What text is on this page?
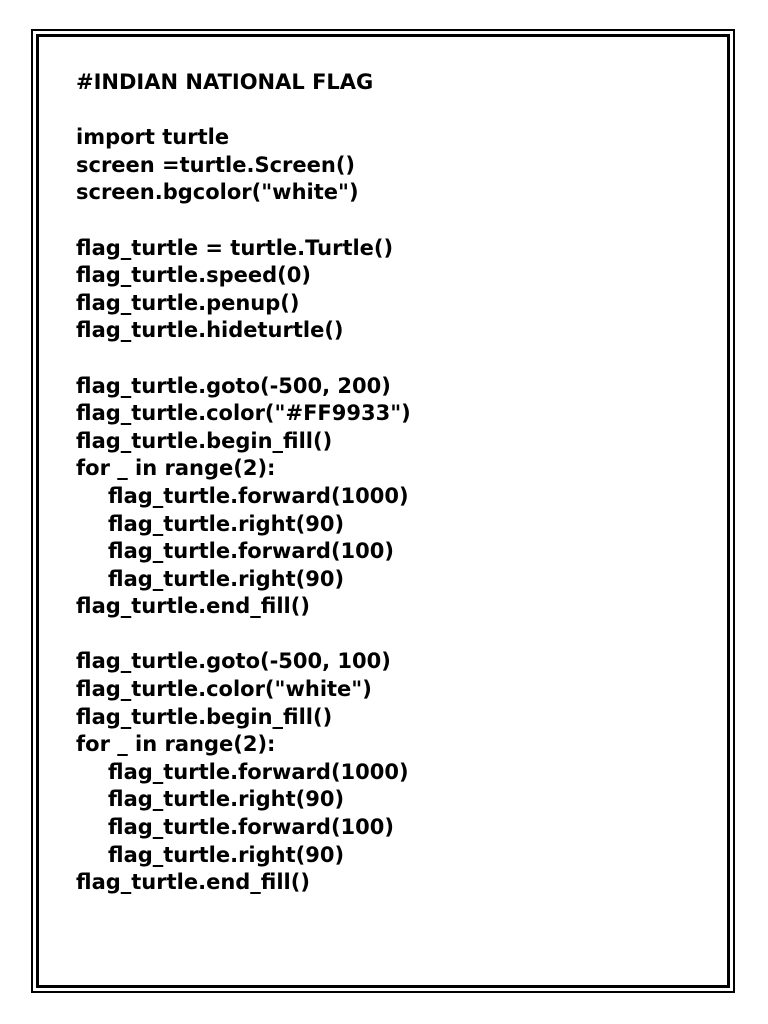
#INDIAN NATIONAL FLAG
import turtle
screen =turtle.Screen()
screen.bgcolor("white")
flag_turtle = turtle.Turtle()
flag_turtle.speed(0)
flag_turtle.penup()
flag_turtle.hideturtle()
flag_turtle.goto(-500, 200)
flag_turtle.color("#FF9933")
flag_turtle.begin_fill()
for _ in range(2):
flag_turtle.forward(1000)
flag_turtle.right(90)
flag_turtle.forward(100)
flag_turtle.right(90)
flag_turtle.end_fill()
flag_turtle.goto(-500, 100)
flag_turtle.color("white")
flag_turtle.begin_fill()
for _ in range(2):
flag_turtle.forward(1000)
flag_turtle.right(90)
flag_turtle.forward(100)
flag_turtle.right(90)
flag_turtle.end_fill()
